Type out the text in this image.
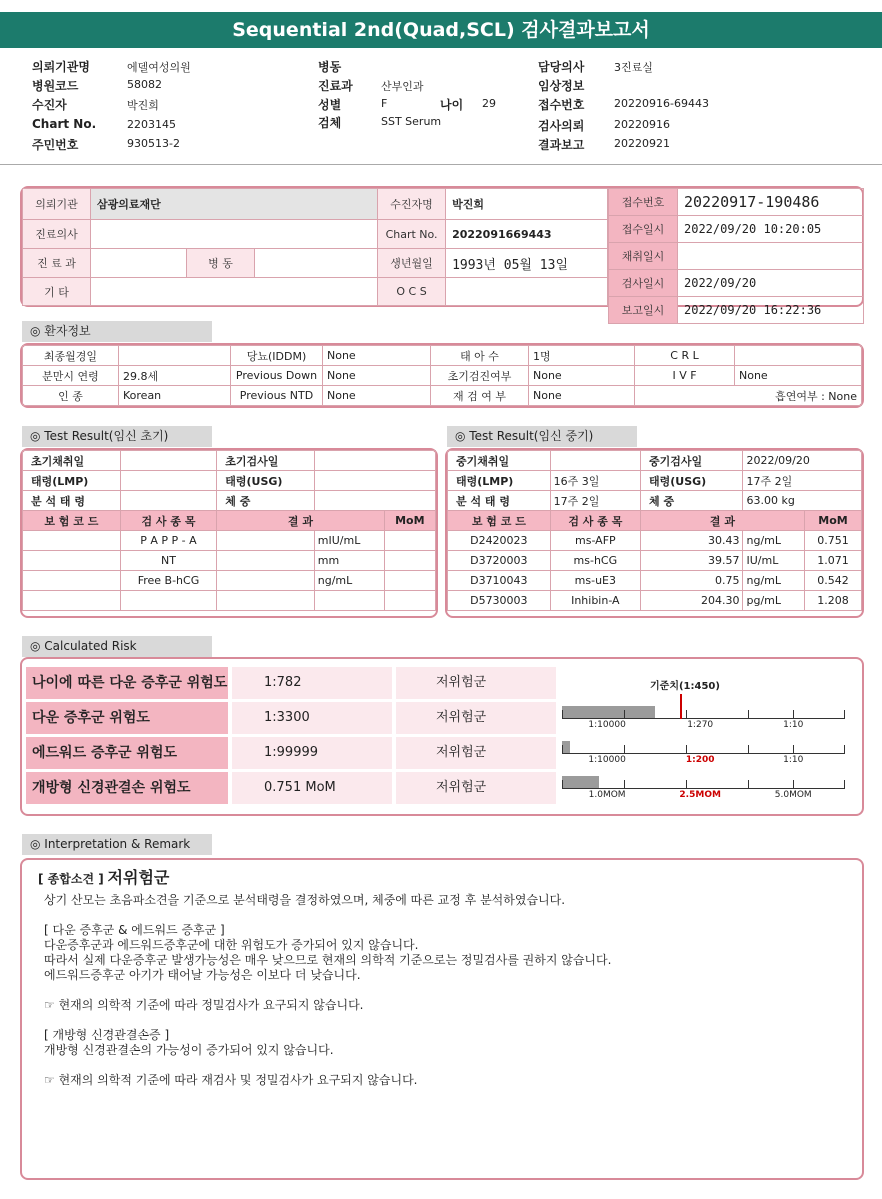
Sequential 2nd(Quad,SCL) 검사결과보고서
의뢰기관명	에델여성의원
병원코드	58082
수진자	박진희
Chart No.	2203145
주민번호	930513-2
병동
진료과	산부인과
성별	F
검체	SST Serum
담당의사	3진료실
임상정보
접수번호	20220916-69443
검사의뢰	20220916
결과보고	20220921
나이 29
의뢰기관	삼광의료재단			수진자명	박진희
진료의사				Chart No.	2022091669443
진 료 과		병 동		생년월일	1993년 05월 13일
기 타				O C S	
접수번호	20220917-190486
접수일시	2022/09/20 10:20:05
채취일시	
검사일시	2022/09/20
보고일시	2022/09/20 16:22:36
◎ 환자정보
최종월경일		당뇨(IDDM)	None	태 아 수	1명	C R L	
분만시 연령	29.8세	Previous Down	None	초기검진여부	None	I V F	None
인 종	Korean	Previous NTD	None	재 검 여 부	None	흡연여부 : None	
◎ Test Result(임신 초기)
초기채취일		초기검사일		
태령(LMP)		태령(USG)		
분 석 태 령		체 중		
보 험 코 드	검 사 종 목	결 과		MoM
	P A P P - A		mIU/mL	
	NT		mm	
	Free B-hCG		ng/mL	

◎ Test Result(임신 중기)
중기채취일		중기검사일	2022/09/20	
태령(LMP)	16주 3일	태령(USG)	17주 2일	
분 석 태 령	17주 2일	체 중	63.00 kg	
보 험 코 드	검 사 종 목	결 과		MoM
D2420023	ms-AFP	30.43	ng/mL	0.751
D3720003	ms-hCG	39.57	IU/mL	1.071
D3710043	ms-uE3	0.75	ng/mL	0.542
D5730003	Inhibin-A	204.30	pg/mL	1.208
◎ Calculated Risk
기준치(1:450)
나이에 따른 다운 증후군 위험도	1:782	저위험군
다운 증후군 위험도	1:3300	저위험군	1:10000	1:270	1:10
에드워드 증후군 위험도	1:99999	저위험군	1:10000	1:200	1:10
개방형 신경관결손 위험도	0.751 MoM	저위험군	1.0MOM	2.5MOM	5.0MOM
◎ Interpretation & Remark
[ 종합소견 ] 저위험군

상기 산모는 초음파소견을 기준으로 분석태령을 결정하였으며, 체중에 따른 교정 후 분석하였습니다.

[ 다운 증후군 & 에드워드 증후군 ]

다운증후군과 에드워드증후군에 대한 위험도가 증가되어 있지 않습니다.

따라서 실제 다운증후군 발생가능성은 매우 낮으므로 현재의 의학적 기준으로는 정밀검사를 권하지 않습니다.

에드워드증후군 아기가 태어날 가능성은 이보다 더 낮습니다.

☞ 현재의 의학적 기준에 따라 정밀검사가 요구되지 않습니다.

[ 개방형 신경관결손증 ]

개방형 신경관결손의 가능성이 증가되어 있지 않습니다.

☞ 현재의 의학적 기준에 따라 재검사 및 정밀검사가 요구되지 않습니다.
